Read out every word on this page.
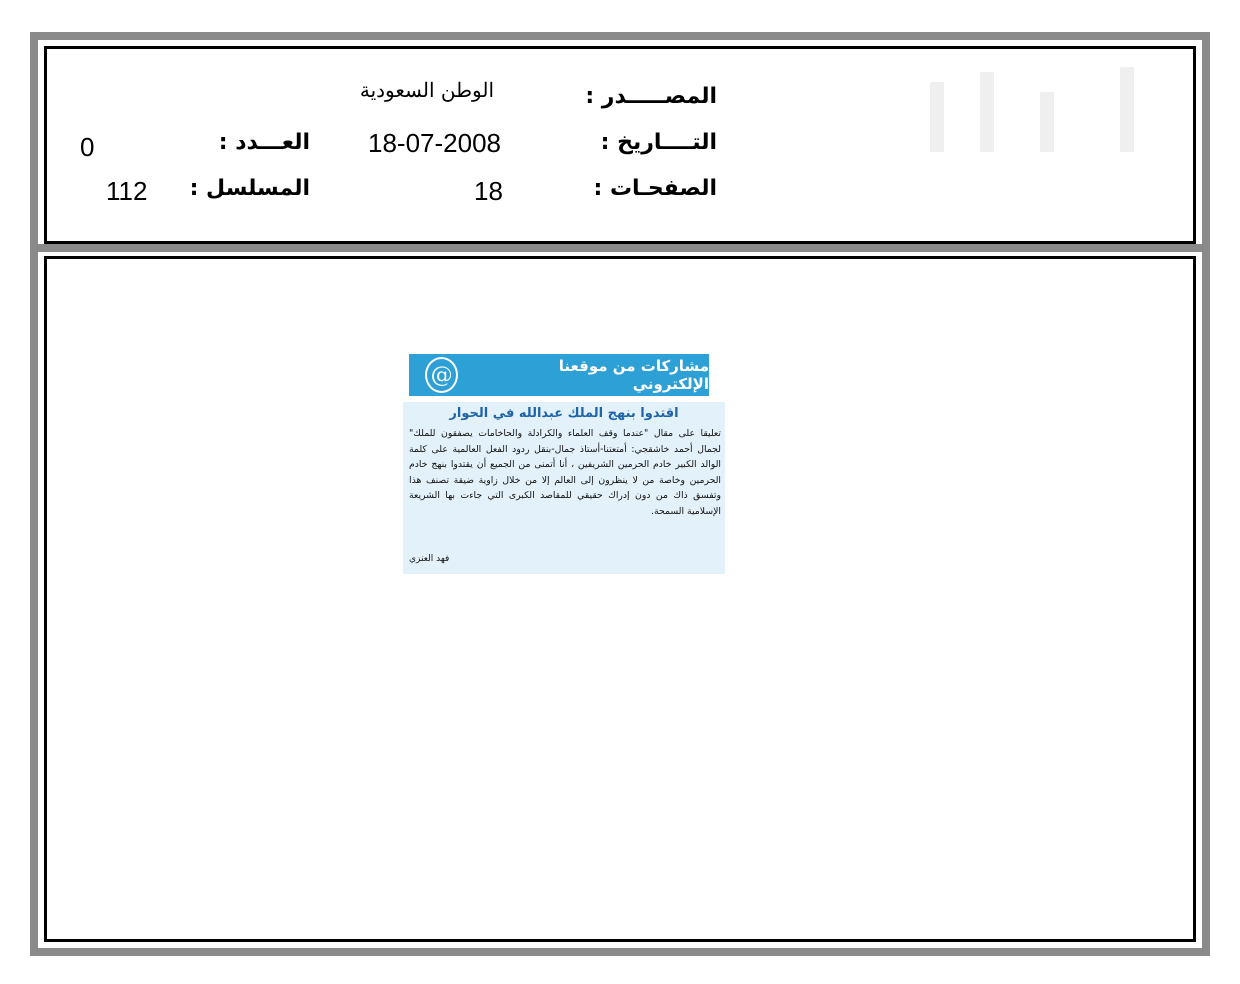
المصـــــدر :
الوطن السعودية
التــــاريخ :
18-07-2008
الصفحـات :
18
العـــدد :
0
المسلسل :
112
@	مشاركات من موقعنا الإلكتروني
اقتدوا بنهج الملك عبدالله في الحوار
تعليقا على مقال "عندما وقف العلماء والكرادلة والحاخامات يصفقون للملك" لجمال أحمد خاشقجي: أمتعتنا-أستاذ جمال-بنقل ردود الفعل العالمية على كلمة الوالد الكبير خادم الحرمين الشريفين ، أنا أتمنى من الجميع أن يقتدوا بنهج خادم الحرمين وخاصة من لا ينظرون إلى العالم إلا من خلال زاوية ضيقة تصنف هذا وتفسق ذاك من دون إدراك حقيقي للمقاصد الكبرى التي جاءت بها الشريعة الإسلامية السمحة.
فهد العنزي
